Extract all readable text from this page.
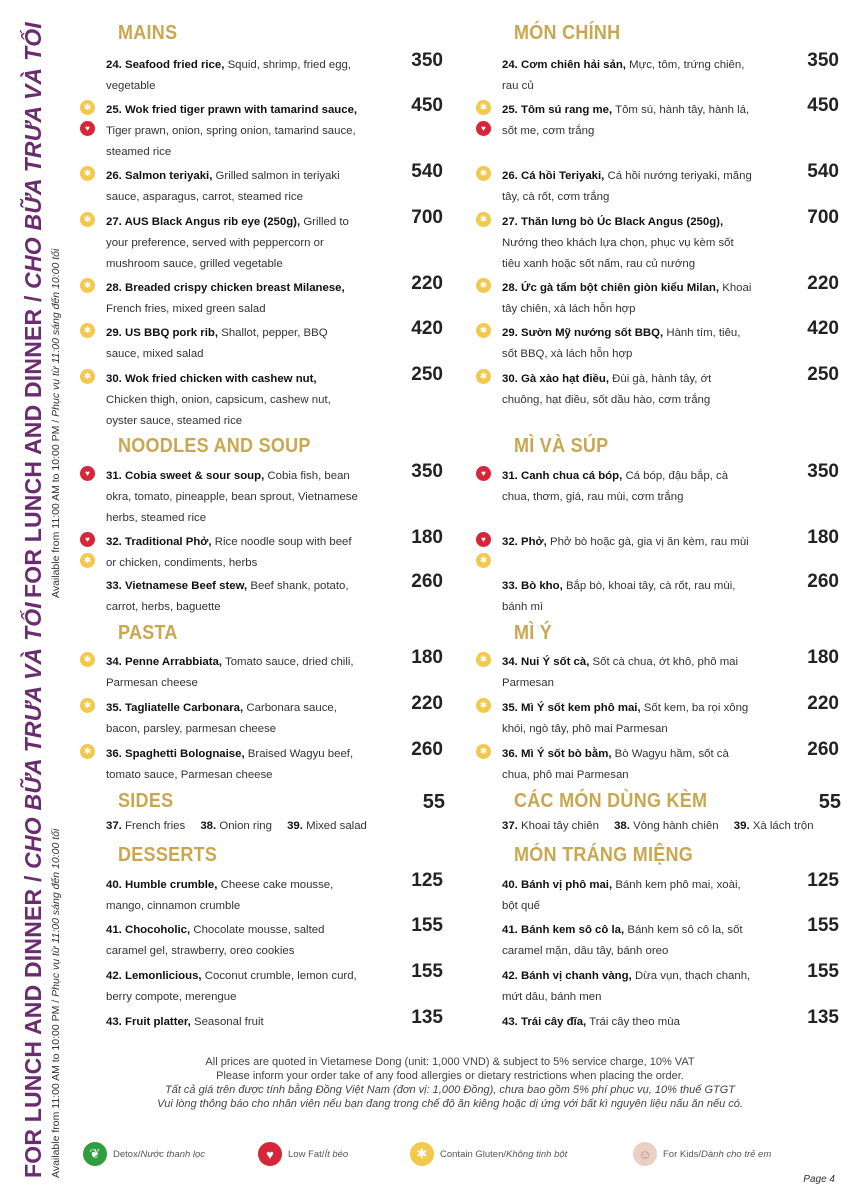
FOR LUNCH AND DINNER / CHO BỮA TRƯA VÀ TỐI
Available from 11:00 AM to 10:00 PM / Phục vụ từ 11:00 sáng đến 10:00 tối
FOR LUNCH AND DINNER / CHO BỮA TRƯA VÀ TỐI
Available from 11:00 AM to 10:00 PM / Phục vụ từ 11:00 sáng đến 10:00 tối
MAINS
24. Seafood fried rice, Squid, shrimp, fried egg, vegetable
350
✱
♥
25. Wok fried tiger prawn with tamarind sauce, Tiger prawn, onion, spring onion, tamarind sauce, steamed rice
450
✱	26. Salmon teriyaki, Grilled salmon in teriyaki sauce, asparagus, carrot, steamed rice
540
✱	27. AUS Black Angus rib eye (250g), Grilled to your preference, served with peppercorn or mushroom sauce, grilled vegetable
700
✱	28. Breaded crispy chicken breast Milanese, French fries, mixed green salad
220
✱	29. US BBQ pork rib, Shallot, pepper, BBQ sauce, mixed salad
420
✱	30. Wok fried chicken with cashew nut, Chicken thigh, onion, capsicum, cashew nut, oyster sauce, steamed rice
250
NOODLES AND SOUP
♥	31. Cobia sweet & sour soup, Cobia fish, bean okra, tomato, pineapple, bean sprout, Vietnamese herbs, steamed rice
350
♥
✱
32. Traditional Phở, Rice noodle soup with beef or chicken, condiments, herbs
180
33. Vietnamese Beef stew, Beef shank, potato, carrot, herbs, baguette
260
PASTA
✱	34. Penne Arrabbiata, Tomato sauce, dried chili, Parmesan cheese
180
✱	35. Tagliatelle Carbonara, Carbonara sauce, bacon, parsley, parmesan cheese
220
✱	36. Spaghetti Bolognaise, Braised Wagyu beef, tomato sauce, Parmesan cheese
260
SIDES	55
37. French fries 38. Onion ring 39. Mixed salad
DESSERTS
40. Humble crumble, Cheese cake mousse, mango, cinnamon crumble
125
41. Chocoholic, Chocolate mousse, salted caramel gel, strawberry, oreo cookies
155
42. Lemonlicious, Coconut crumble, lemon curd, berry compote, merengue
155
43. Fruit platter, Seasonal fruit	135
MÓN CHÍNH
24. Cơm chiên hải sản, Mực, tôm, trứng chiên, rau củ
350
✱
♥
25. Tôm sú rang me, Tôm sú, hành tây, hành lá, sốt me, cơm trắng
450
✱	26. Cá hồi Teriyaki, Cá hồi nướng teriyaki, măng tây, cà rốt, cơm trắng
540
✱	27. Thăn lưng bò Úc Black Angus (250g), Nướng theo khách lựa chọn, phục vụ kèm sốt tiêu xanh hoặc sốt nấm, rau củ nướng
700
✱	28. Ức gà tẩm bột chiên giòn kiểu Milan, Khoai tây chiên, xà lách hỗn hợp
220
✱	29. Sườn Mỹ nướng sốt BBQ, Hành tím, tiêu, sốt BBQ, xà lách hỗn hợp
420
✱	30. Gà xào hạt điều, Đùi gà, hành tây, ớt chuông, hạt điều, sốt dầu hào, cơm trắng
250
MÌ VÀ SÚP
♥	31. Canh chua cá bóp, Cá bóp, đậu bắp, cà chua, thơm, giá, rau mùi, cơm trắng
350
♥
✱
32. Phở, Phở bò hoặc gà, gia vị ăn kèm, rau mùi	180
33. Bò kho, Bắp bò, khoai tây, cà rốt, rau mùi, bánh mì
260
MÌ Ý
✱	34. Nui Ý sốt cà, Sốt cà chua, ớt khô, phô mai Parmesan
180
✱	35. Mì Ý sốt kem phô mai, Sốt kem, ba rọi xông khói, ngò tây, phô mai Parmesan
220
✱	36. Mì Ý sốt bò bằm, Bò Wagyu hầm, sốt cà chua, phô mai Parmesan
260
CÁC MÓN DÙNG KÈM	55
37. Khoai tây chiên 38. Vòng hành chiên 39. Xà lách trộn
MÓN TRÁNG MIỆNG
40. Bánh vị phô mai, Bánh kem phô mai, xoài, bột quế
125
41. Bánh kem sô cô la, Bánh kem sô cô la, sốt caramel mặn, dâu tây, bánh oreo
155
42. Bánh vị chanh vàng, Dừa vụn, thạch chanh, mứt dâu, bánh men
155
43. Trái cây đĩa, Trái cây theo mùa	135
All prices are quoted in Vietamese Dong (unit: 1,000 VND) & subject to 5% service charge, 10% VAT
Please inform your order take of any food allergies or dietary restrictions when placing the order.
Tất cả giá trên được tính bằng Đồng Việt Nam (đơn vị: 1,000 Đồng), chưa bao gồm 5% phí phục vụ, 10% thuế GTGT
Vui lòng thông báo cho nhân viên nếu bạn đang trong chế độ ăn kiêng hoặc dị ứng với bất kì nguyên liệu nấu ăn nếu có.
❦	Detox / Nước thanh lọc	♥	Low Fat / Ít béo	✱	Contain Gluten / Không tinh bột	☺	For Kids / Dành cho trẻ em
Page 4
